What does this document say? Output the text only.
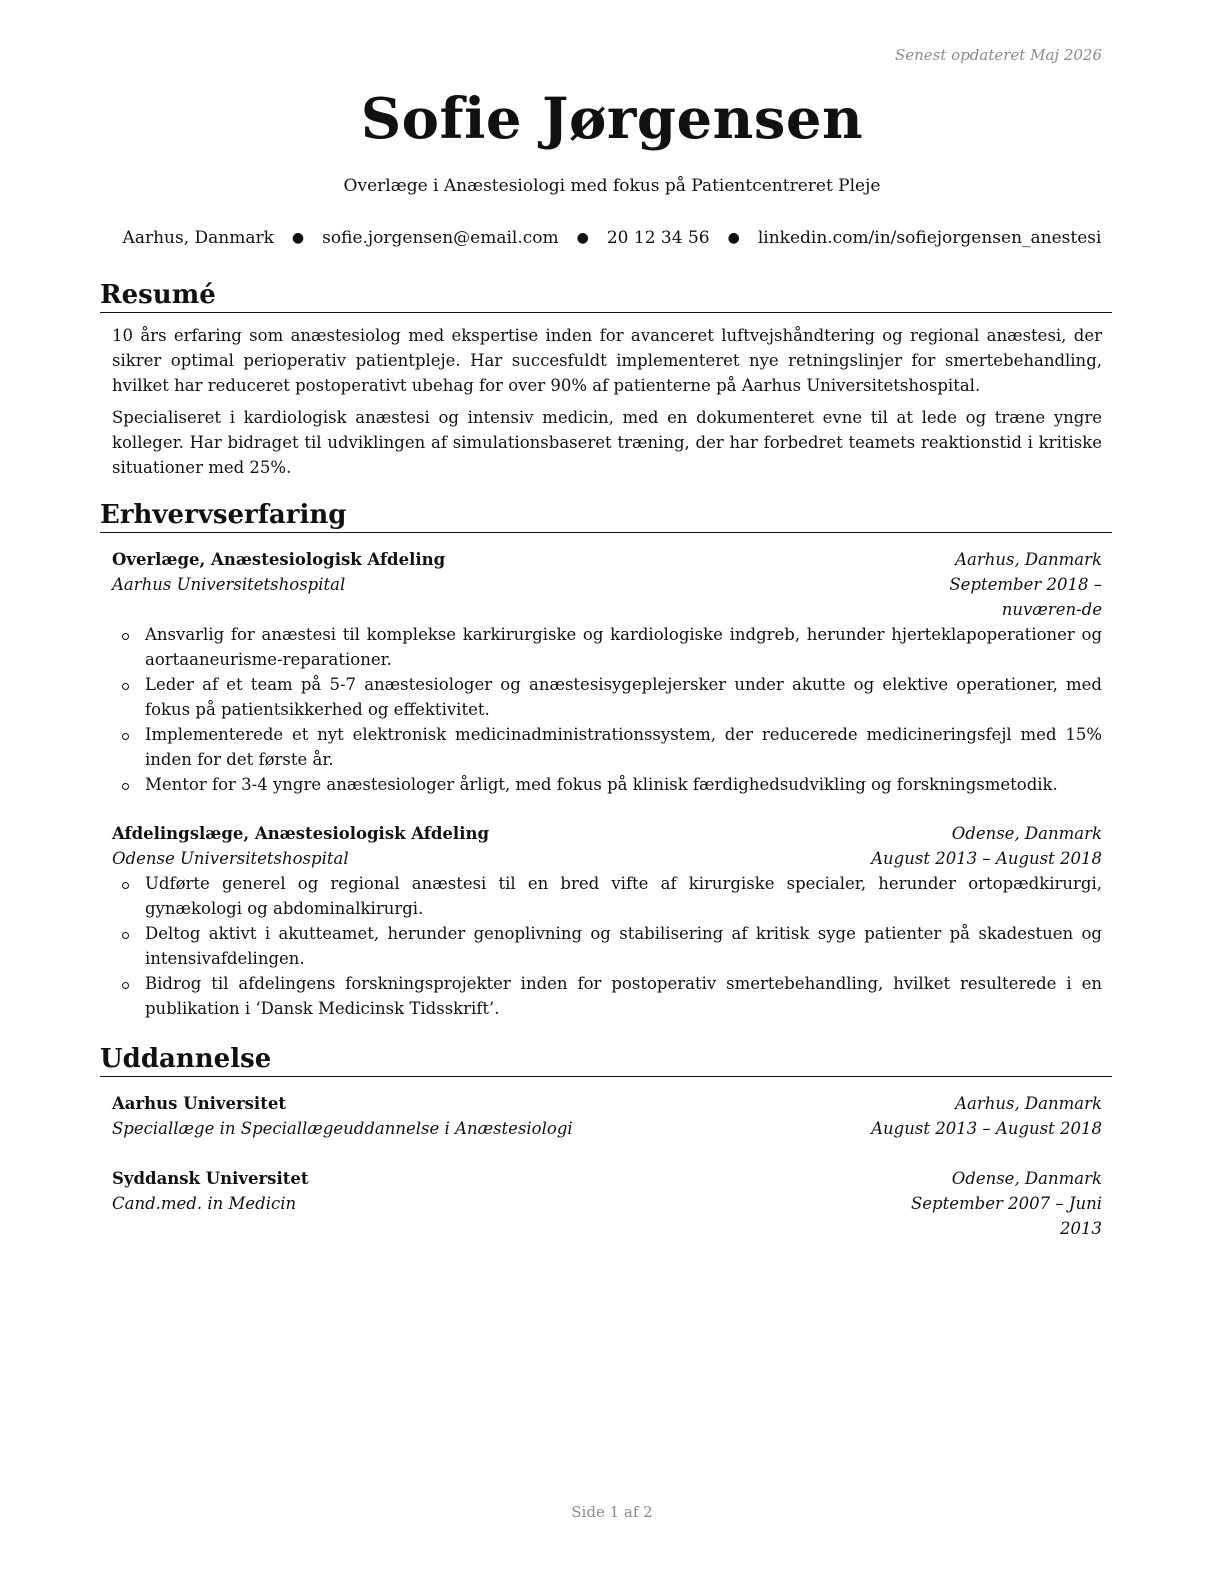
Senest opdateret Maj 2026
Sofie Jørgensen
Overlæge i Anæstesiologi med fokus på Patientcentreret Pleje
Aarhus, Danmark ● sofie.jorgensen@email.com ● 20 12 34 56 ● linkedin.com/in/sofiejorgensen_anestesi
Resumé

10 års erfaring som anæstesiolog med ekspertise inden for avanceret luftvejshåndtering og regional anæstesi, der sikrer optimal perioperativ patientpleje. Har succesfuldt implementeret nye retningslinjer for smertebehandling, hvilket har reduceret postoperativt ubehag for over 90% af patienterne på Aarhus Universitetshospital.

Specialiseret i kardiologisk anæstesi og intensiv medicin, med en dokumenteret evne til at lede og træne yngre kolleger. Har bidraget til udviklingen af simulationsbaseret træning, der har forbedret teamets reaktionstid i kritiske situationer med 25%.

Erhvervserfaring
Overlæge, Anæstesiologisk Afdeling	Aarhus, Danmark
Aarhus Universitetshospital	September 2018 – nuværen-de
Ansvarlig for anæstesi til komplekse karkirurgiske og kardiologiske indgreb, herunder hjerteklapoperationer og aortaaneurisme-reparationer.
Leder af et team på 5-7 anæstesiologer og anæstesisygeplejersker under akutte og elektive operationer, med fokus på patientsikkerhed og effektivitet.
Implementerede et nyt elektronisk medicinadministrationssystem, der reducerede medicineringsfejl med 15% inden for det første år.
Mentor for 3-4 yngre anæstesiologer årligt, med fokus på klinisk færdighedsudvikling og forskningsmetodik.
Afdelingslæge, Anæstesiologisk Afdeling	Odense, Danmark
Odense Universitetshospital	August 2013 – August 2018
Udførte generel og regional anæstesi til en bred vifte af kirurgiske specialer, herunder ortopædkirurgi, gynækologi og abdominalkirurgi.
Deltog aktivt i akutteamet, herunder genoplivning og stabilisering af kritisk syge patienter på skadestuen og intensivafdelingen.
Bidrog til afdelingens forskningsprojekter inden for postoperativ smertebehandling, hvilket resulterede i en publikation i ‘Dansk Medicinsk Tidsskrift’.
Uddannelse
Aarhus Universitet	Aarhus, Danmark
Speciallæge in Speciallægeuddannelse i Anæstesiologi	August 2013 – August 2018
Syddansk Universitet	Odense, Danmark
Cand.med. in Medicin	September 2007 – Juni 2013
Side 1 af 2
